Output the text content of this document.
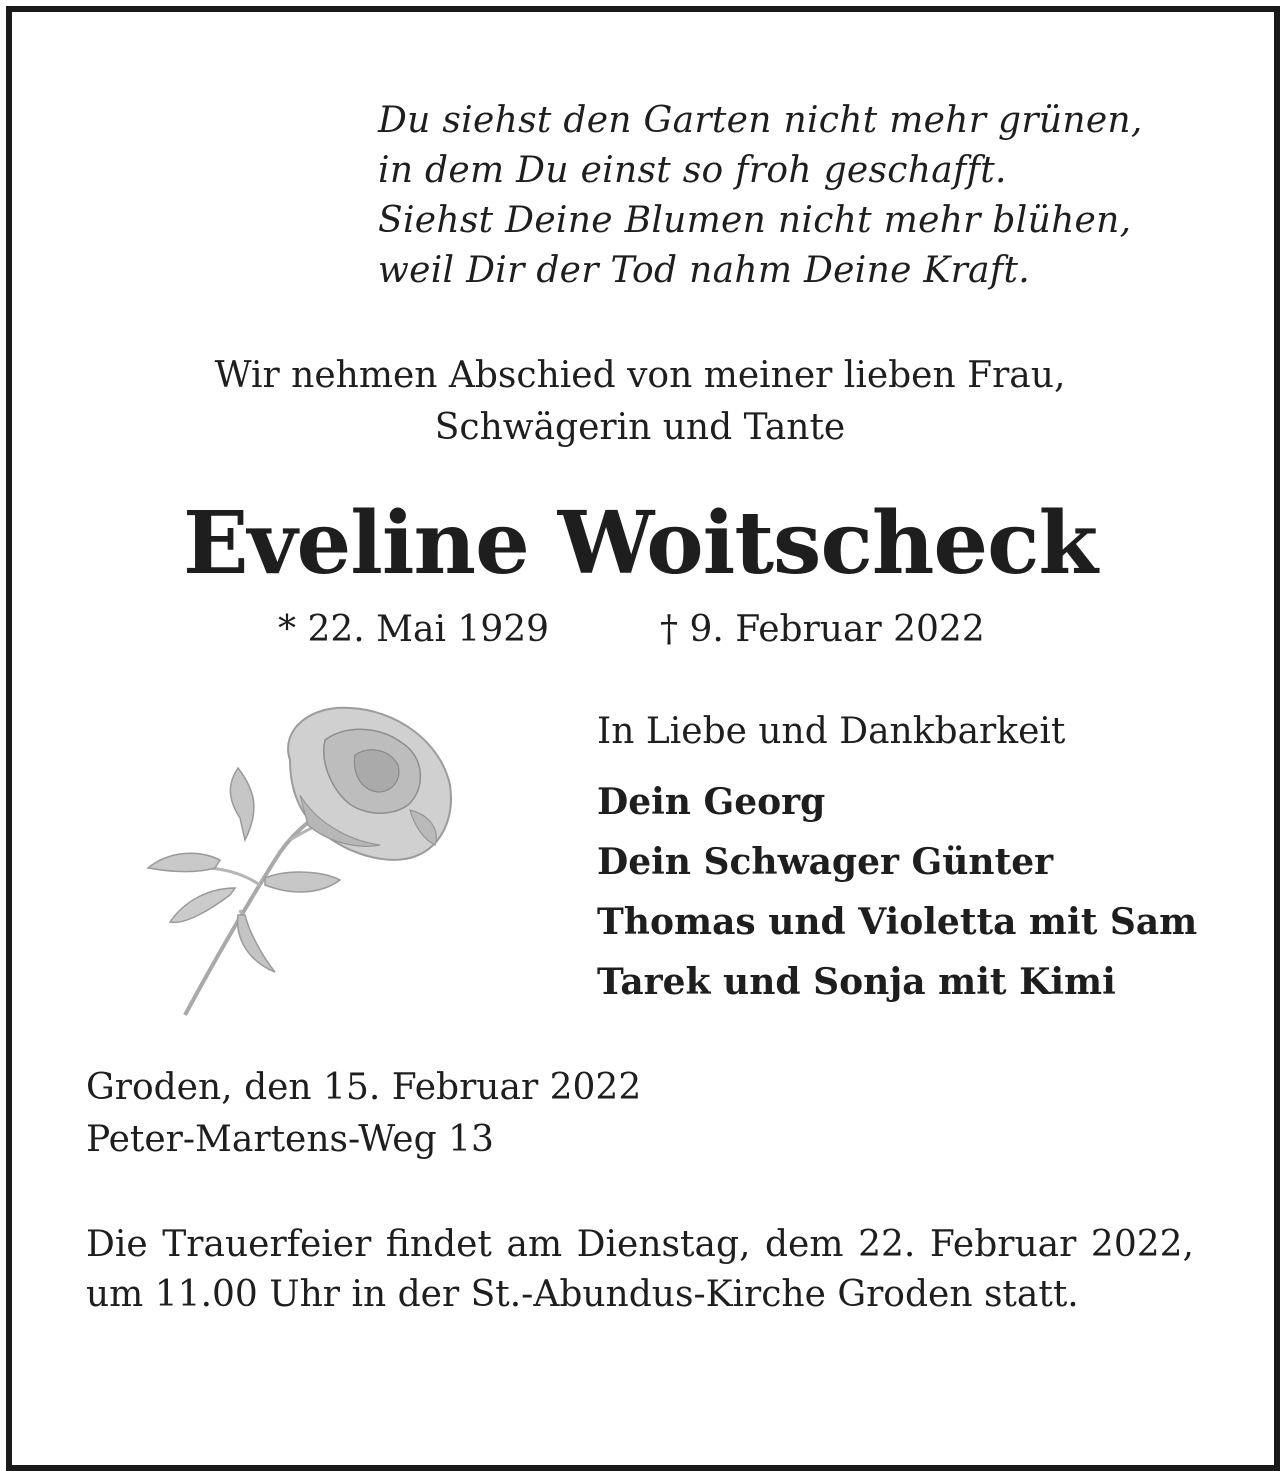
Du siehst den Garten nicht mehr grünen,
in dem Du einst so froh geschafft.
Siehst Deine Blumen nicht mehr blühen,
weil Dir der Tod nahm Deine Kraft.
Wir nehmen Abschied von meiner lieben Frau,
Schwägerin und Tante
Eveline Woitscheck
* 22. Mai 1929	† 9. Februar 2022
In Liebe und Dankbarkeit
Dein Georg
Dein Schwager Günter
Thomas und Violetta mit Sam
Tarek und Sonja mit Kimi
Groden, den 15. Februar 2022
Peter-Martens-Weg 13
Die Trauerfeier findet am Dienstag, dem 22. Februar 2022, um 11.00 Uhr in der St.-Abundus-Kirche Groden statt.
